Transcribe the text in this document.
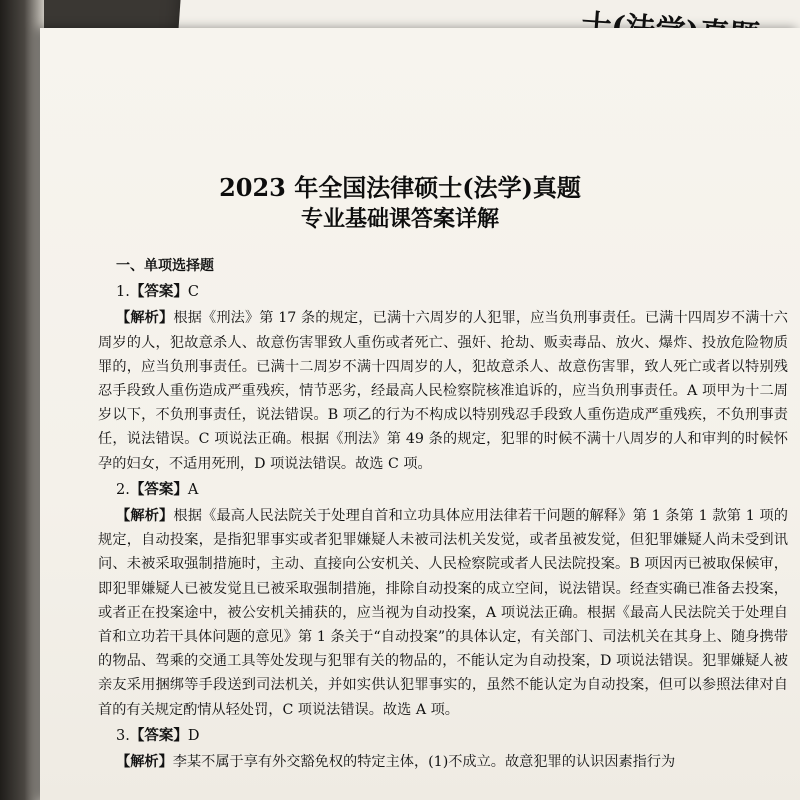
2023 年全国法律硕士(法学)真题
专业基础课答案详解
一、单项选择题
1.【答案】C

【解析】根据《刑法》第 17 条的规定，已满十六周岁的人犯罪，应当负刑事责任。已满十四周岁不满十六周岁的人，犯故意杀人、故意伤害罪致人重伤或者死亡、强奸、抢劫、贩卖毒品、放火、爆炸、投放危险物质罪的，应当负刑事责任。已满十二周岁不满十四周岁的人，犯故意杀人、故意伤害罪，致人死亡或者以特别残忍手段致人重伤造成严重残疾，情节恶劣，经最高人民检察院核准追诉的，应当负刑事责任。A 项甲为十二周岁以下，不负刑事责任，说法错误。B 项乙的行为不构成以特别残忍手段致人重伤造成严重残疾，不负刑事责任，说法错误。C 项说法正确。根据《刑法》第 49 条的规定，犯罪的时候不满十八周岁的人和审判的时候怀孕的妇女，不适用死刑，D 项说法错误。故选 C 项。

2.【答案】A

【解析】根据《最高人民法院关于处理自首和立功具体应用法律若干问题的解释》第 1 条第 1 款第 1 项的规定，自动投案，是指犯罪事实或者犯罪嫌疑人未被司法机关发觉，或者虽被发觉，但犯罪嫌疑人尚未受到讯问、未被采取强制措施时，主动、直接向公安机关、人民检察院或者人民法院投案。B 项因丙已被取保候审，即犯罪嫌疑人已被发觉且已被采取强制措施，排除自动投案的成立空间，说法错误。经查实确已准备去投案，或者正在投案途中，被公安机关捕获的，应当视为自动投案，A 项说法正确。根据《最高人民法院关于处理自首和立功若干具体问题的意见》第 1 条关于“自动投案”的具体认定，有关部门、司法机关在其身上、随身携带的物品、驾乘的交通工具等处发现与犯罪有关的物品的，不能认定为自动投案，D 项说法错误。犯罪嫌疑人被亲友采用捆绑等手段送到司法机关，并如实供认犯罪事实的，虽然不能认定为自动投案，但可以参照法律对自首的有关规定酌情从轻处罚，C 项说法错误。故选 A 项。

3.【答案】D

【解析】李某不属于享有外交豁免权的特定主体，(1)不成立。故意犯罪的认识因素指行为
